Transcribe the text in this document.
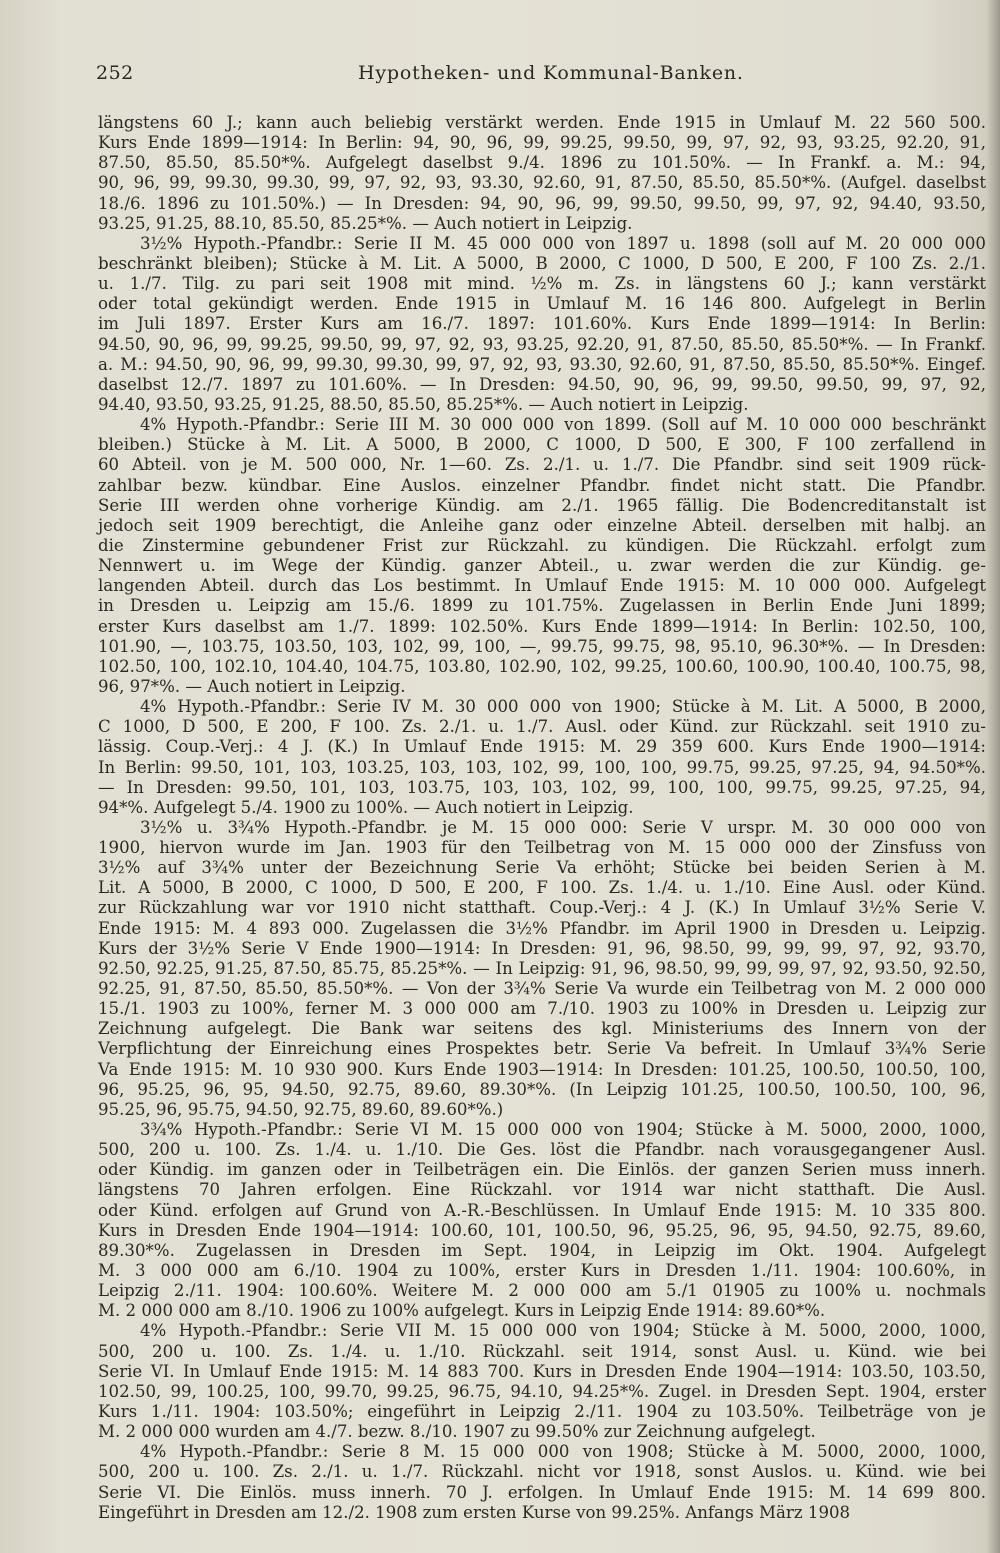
252	Hypotheken- und Kommunal-Banken.
längstens 60 J.; kann auch beliebig verstärkt werden. Ende 1915 in Umlauf M. 22 560 500.
Kurs Ende 1899—1914: In Berlin: 94, 90, 96, 99, 99.25, 99.50, 99, 97, 92, 93, 93.25, 92.20, 91,
87.50, 85.50, 85.50*%. Aufgelegt daselbst 9./4. 1896 zu 101.50%. — In Frankf. a. M.: 94,
90, 96, 99, 99.30, 99.30, 99, 97, 92, 93, 93.30, 92.60, 91, 87.50, 85.50, 85.50*%. (Aufgel. daselbst
18./6. 1896 zu 101.50%.) — In Dresden: 94, 90, 96, 99, 99.50, 99.50, 99, 97, 92, 94.40, 93.50,
93.25, 91.25, 88.10, 85.50, 85.25*%. — Auch notiert in Leipzig.
3½% Hypoth.-Pfandbr.: Serie II M. 45 000 000 von 1897 u. 1898 (soll auf M. 20 000 000
beschränkt bleiben); Stücke à M. Lit. A 5000, B 2000, C 1000, D 500, E 200, F 100 Zs. 2./1.
u. 1./7. Tilg. zu pari seit 1908 mit mind. ½% m. Zs. in längstens 60 J.; kann verstärkt
oder total gekündigt werden. Ende 1915 in Umlauf M. 16 146 800. Aufgelegt in Berlin
im Juli 1897. Erster Kurs am 16./7. 1897: 101.60%. Kurs Ende 1899—1914: In Berlin:
94.50, 90, 96, 99, 99.25, 99.50, 99, 97, 92, 93, 93.25, 92.20, 91, 87.50, 85.50, 85.50*%. — In Frankf.
a. M.: 94.50, 90, 96, 99, 99.30, 99.30, 99, 97, 92, 93, 93.30, 92.60, 91, 87.50, 85.50, 85.50*%. Eingef.
daselbst 12./7. 1897 zu 101.60%. — In Dresden: 94.50, 90, 96, 99, 99.50, 99.50, 99, 97, 92,
94.40, 93.50, 93.25, 91.25, 88.50, 85.50, 85.25*%. — Auch notiert in Leipzig.
4% Hypoth.-Pfandbr.: Serie III M. 30 000 000 von 1899. (Soll auf M. 10 000 000 beschränkt
bleiben.) Stücke à M. Lit. A 5000, B 2000, C 1000, D 500, E 300, F 100 zerfallend in
60 Abteil. von je M. 500 000, Nr. 1—60. Zs. 2./1. u. 1./7. Die Pfandbr. sind seit 1909 rück-
zahlbar bezw. kündbar. Eine Auslos. einzelner Pfandbr. findet nicht statt. Die Pfandbr.
Serie III werden ohne vorherige Kündig. am 2./1. 1965 fällig. Die Bodencreditanstalt ist
jedoch seit 1909 berechtigt, die Anleihe ganz oder einzelne Abteil. derselben mit halbj. an
die Zinstermine gebundener Frist zur Rückzahl. zu kündigen. Die Rückzahl. erfolgt zum
Nennwert u. im Wege der Kündig. ganzer Abteil., u. zwar werden die zur Kündig. ge-
langenden Abteil. durch das Los bestimmt. In Umlauf Ende 1915: M. 10 000 000. Aufgelegt
in Dresden u. Leipzig am 15./6. 1899 zu 101.75%. Zugelassen in Berlin Ende Juni 1899;
erster Kurs daselbst am 1./7. 1899: 102.50%. Kurs Ende 1899—1914: In Berlin: 102.50, 100,
101.90, —, 103.75, 103.50, 103, 102, 99, 100, —, 99.75, 99.75, 98, 95.10, 96.30*%. — In Dresden:
102.50, 100, 102.10, 104.40, 104.75, 103.80, 102.90, 102, 99.25, 100.60, 100.90, 100.40, 100.75, 98,
96, 97*%. — Auch notiert in Leipzig.
4% Hypoth.-Pfandbr.: Serie IV M. 30 000 000 von 1900; Stücke à M. Lit. A 5000, B 2000,
C 1000, D 500, E 200, F 100. Zs. 2./1. u. 1./7. Ausl. oder Künd. zur Rückzahl. seit 1910 zu-
lässig. Coup.-Verj.: 4 J. (K.) In Umlauf Ende 1915: M. 29 359 600. Kurs Ende 1900—1914:
In Berlin: 99.50, 101, 103, 103.25, 103, 103, 102, 99, 100, 100, 99.75, 99.25, 97.25, 94, 94.50*%.
— In Dresden: 99.50, 101, 103, 103.75, 103, 103, 102, 99, 100, 100, 99.75, 99.25, 97.25, 94,
94*%. Aufgelegt 5./4. 1900 zu 100%. — Auch notiert in Leipzig.
3½% u. 3¾% Hypoth.-Pfandbr. je M. 15 000 000: Serie V urspr. M. 30 000 000 von
1900, hiervon wurde im Jan. 1903 für den Teilbetrag von M. 15 000 000 der Zinsfuss von
3½% auf 3¾% unter der Bezeichnung Serie Va erhöht; Stücke bei beiden Serien à M.
Lit. A 5000, B 2000, C 1000, D 500, E 200, F 100. Zs. 1./4. u. 1./10. Eine Ausl. oder Künd.
zur Rückzahlung war vor 1910 nicht statthaft. Coup.-Verj.: 4 J. (K.) In Umlauf 3½% Serie V.
Ende 1915: M. 4 893 000. Zugelassen die 3½% Pfandbr. im April 1900 in Dresden u. Leipzig.
Kurs der 3½% Serie V Ende 1900—1914: In Dresden: 91, 96, 98.50, 99, 99, 99, 97, 92, 93.70,
92.50, 92.25, 91.25, 87.50, 85.75, 85.25*%. — In Leipzig: 91, 96, 98.50, 99, 99, 99, 97, 92, 93.50, 92.50,
92.25, 91, 87.50, 85.50, 85.50*%. — Von der 3¾% Serie Va wurde ein Teilbetrag von M. 2 000 000
15./1. 1903 zu 100%, ferner M. 3 000 000 am 7./10. 1903 zu 100% in Dresden u. Leipzig zur
Zeichnung aufgelegt. Die Bank war seitens des kgl. Ministeriums des Innern von der
Verpflichtung der Einreichung eines Prospektes betr. Serie Va befreit. In Umlauf 3¾% Serie
Va Ende 1915: M. 10 930 900. Kurs Ende 1903—1914: In Dresden: 101.25, 100.50, 100.50, 100,
96, 95.25, 96, 95, 94.50, 92.75, 89.60, 89.30*%. (In Leipzig 101.25, 100.50, 100.50, 100, 96,
95.25, 96, 95.75, 94.50, 92.75, 89.60, 89.60*%.)
3¾% Hypoth.-Pfandbr.: Serie VI M. 15 000 000 von 1904; Stücke à M. 5000, 2000, 1000,
500, 200 u. 100. Zs. 1./4. u. 1./10. Die Ges. löst die Pfandbr. nach vorausgegangener Ausl.
oder Kündig. im ganzen oder in Teilbeträgen ein. Die Einlös. der ganzen Serien muss innerh.
längstens 70 Jahren erfolgen. Eine Rückzahl. vor 1914 war nicht statthaft. Die Ausl.
oder Künd. erfolgen auf Grund von A.-R.-Beschlüssen. In Umlauf Ende 1915: M. 10 335 800.
Kurs in Dresden Ende 1904—1914: 100.60, 101, 100.50, 96, 95.25, 96, 95, 94.50, 92.75, 89.60,
89.30*%. Zugelassen in Dresden im Sept. 1904, in Leipzig im Okt. 1904. Aufgelegt
M. 3 000 000 am 6./10. 1904 zu 100%, erster Kurs in Dresden 1./11. 1904: 100.60%, in
Leipzig 2./11. 1904: 100.60%. Weitere M. 2 000 000 am 5./1 01905 zu 100% u. nochmals
M. 2 000 000 am 8./10. 1906 zu 100% aufgelegt. Kurs in Leipzig Ende 1914: 89.60*%.
4% Hypoth.-Pfandbr.: Serie VII M. 15 000 000 von 1904; Stücke à M. 5000, 2000, 1000,
500, 200 u. 100. Zs. 1./4. u. 1./10. Rückzahl. seit 1914, sonst Ausl. u. Künd. wie bei
Serie VI. In Umlauf Ende 1915: M. 14 883 700. Kurs in Dresden Ende 1904—1914: 103.50, 103.50,
102.50, 99, 100.25, 100, 99.70, 99.25, 96.75, 94.10, 94.25*%. Zugel. in Dresden Sept. 1904, erster
Kurs 1./11. 1904: 103.50%; eingeführt in Leipzig 2./11. 1904 zu 103.50%. Teilbeträge von je
M. 2 000 000 wurden am 4./7. bezw. 8./10. 1907 zu 99.50% zur Zeichnung aufgelegt.
4% Hypoth.-Pfandbr.: Serie 8 M. 15 000 000 von 1908; Stücke à M. 5000, 2000, 1000,
500, 200 u. 100. Zs. 2./1. u. 1./7. Rückzahl. nicht vor 1918, sonst Auslos. u. Künd. wie bei
Serie VI. Die Einlös. muss innerh. 70 J. erfolgen. In Umlauf Ende 1915: M. 14 699 800.
Eingeführt in Dresden am 12./2. 1908 zum ersten Kurse von 99.25%. Anfangs März 1908
